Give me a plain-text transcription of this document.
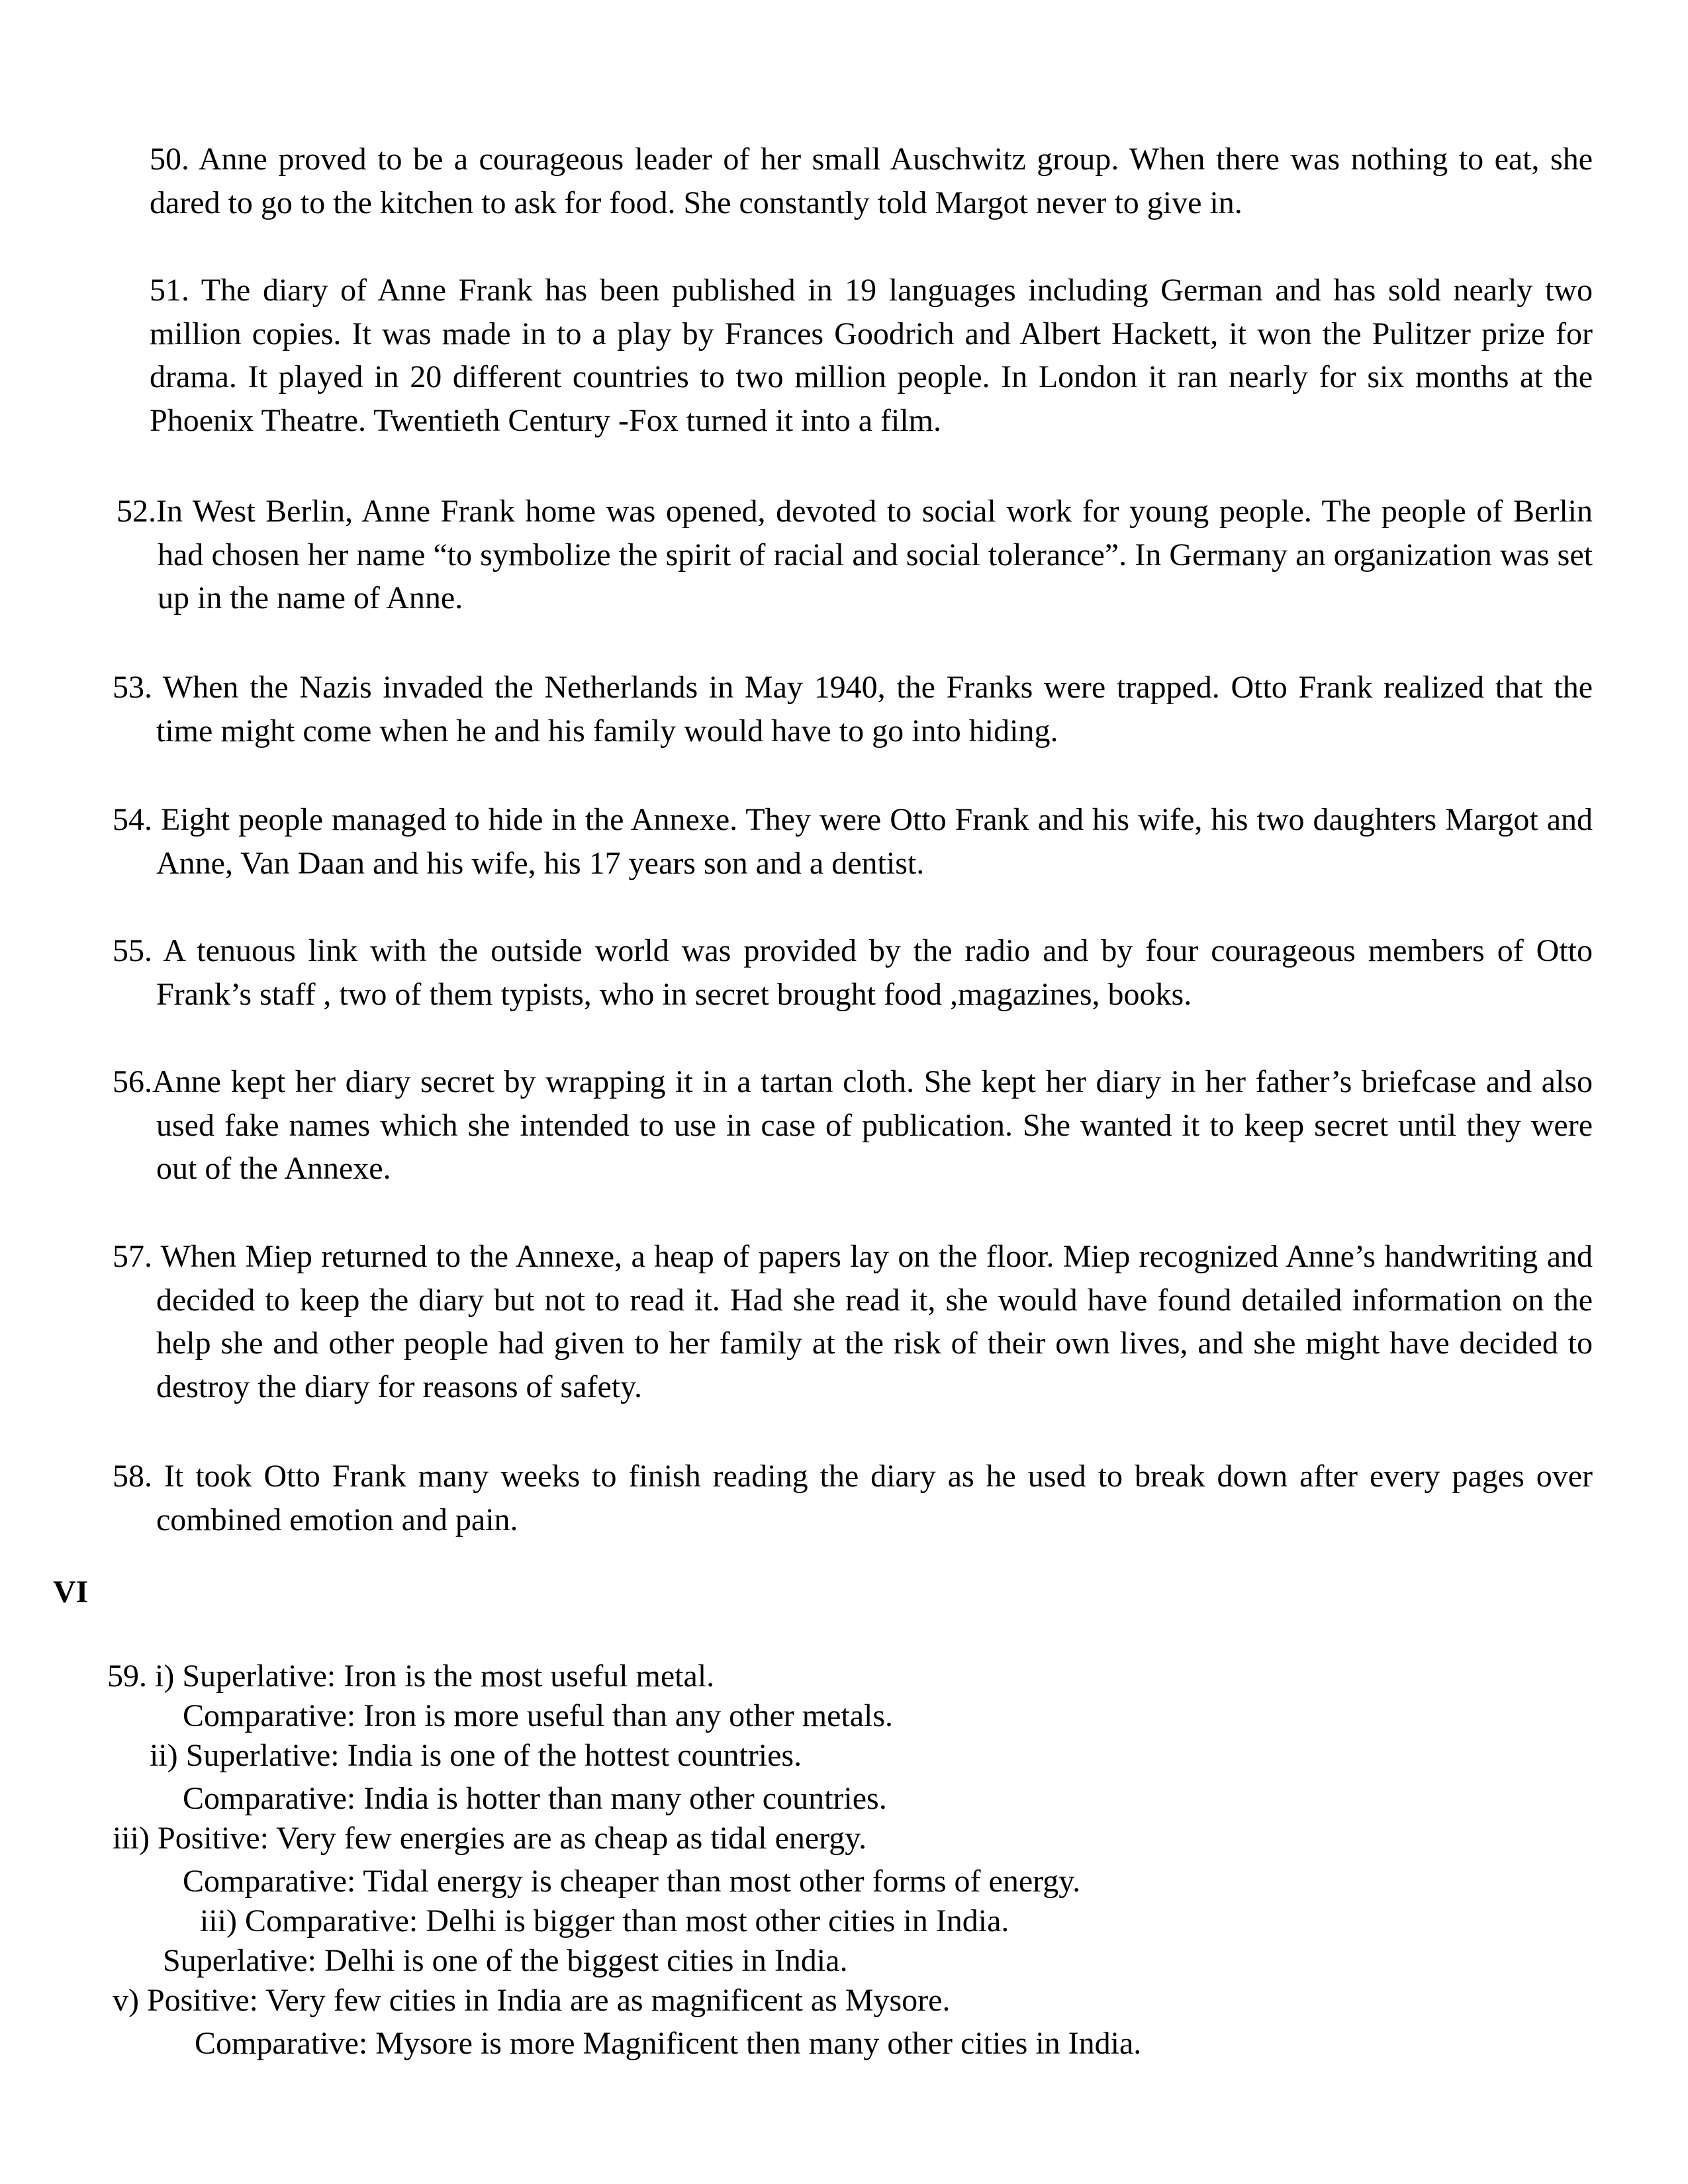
50. Anne proved to be a courageous leader of her small Auschwitz group. When there was nothing to eat, she dared to go to the kitchen to ask for food. She constantly told Margot never to give in.

51. The diary of Anne Frank has been published in 19 languages including German and has sold nearly two million copies. It was made in to a play by Frances Goodrich and Albert Hackett, it won the Pulitzer prize for drama. It played in 20 different countries to two million people. In London it ran nearly for six months at the Phoenix Theatre. Twentieth Century -Fox turned it into a film.

52.In West Berlin, Anne Frank home was opened, devoted to social work for young people. The people of Berlin had chosen her name “to symbolize the spirit of racial and social tolerance”. In Germany an organization was set up in the name of Anne.

53. When the Nazis invaded the Netherlands in May 1940, the Franks were trapped. Otto Frank realized that the time might come when he and his family would have to go into hiding.

54. Eight people managed to hide in the Annexe. They were Otto Frank and his wife, his two daughters Margot and Anne, Van Daan and his wife, his 17 years son and a dentist.

55. A tenuous link with the outside world was provided by the radio and by four courageous members of Otto Frank’s staff , two of them typists, who in secret brought food ,magazines, books.

56.Anne kept her diary secret by wrapping it in a tartan cloth. She kept her diary in her father’s briefcase and also used fake names which she intended to use in case of publication. She wanted it to keep secret until they were out of the Annexe.

57. When Miep returned to the Annexe, a heap of papers lay on the floor. Miep recognized Anne’s handwriting and decided to keep the diary but not to read it. Had she read it, she would have found detailed information on the help she and other people had given to her family at the risk of their own lives, and she might have decided to destroy the diary for reasons of safety.

58. It took Otto Frank many weeks to finish reading the diary as he used to break down after every pages over combined emotion and pain.

VI

59. i) Superlative: Iron is the most useful metal.

Comparative: Iron is more useful than any other metals.

ii) Superlative: India is one of the hottest countries.

Comparative: India is hotter than many other countries.

iii) Positive: Very few energies are as cheap as tidal energy.

Comparative: Tidal energy is cheaper than most other forms of energy.

iii) Comparative: Delhi is bigger than most other cities in India.

Superlative: Delhi is one of the biggest cities in India.

v) Positive: Very few cities in India are as magnificent as Mysore.

Comparative: Mysore is more Magnificent then many other cities in India.
